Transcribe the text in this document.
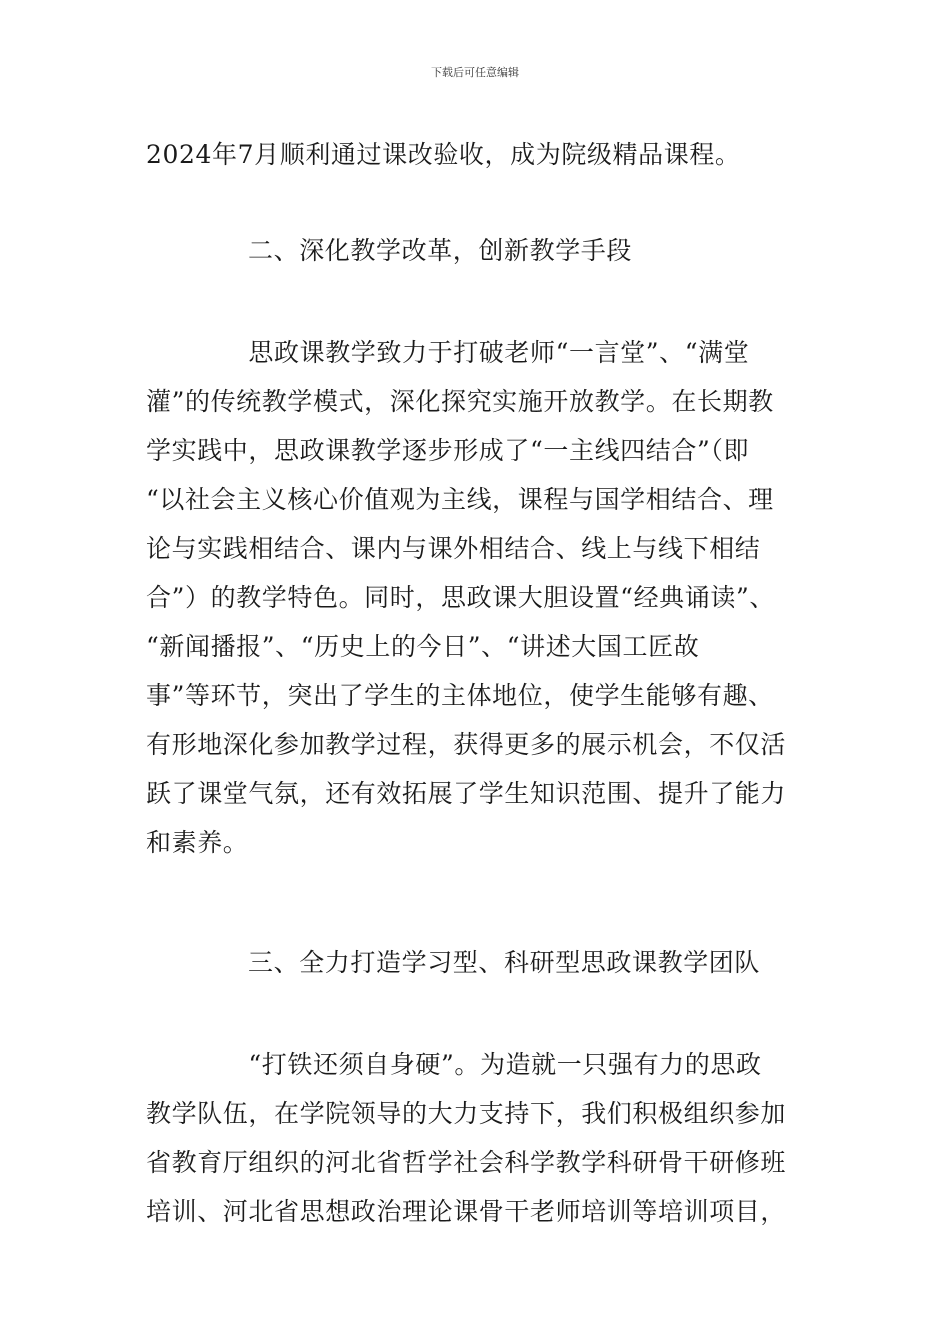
下载后可任意编辑
2024年7月顺利通过课改验收，成为院级精品课程。
二、深化教学改革，创新教学手段
　　　　思政课教学致力于打破老师“一言堂”、“满堂
灌”的传统教学模式，深化探究实施开放教学。在长期教
学实践中，思政课教学逐步形成了“一主线四结合”（即
“以社会主义核心价值观为主线，课程与国学相结合、理
论与实践相结合、课内与课外相结合、线上与线下相结
合”）的教学特色。同时，思政课大胆设置“经典诵读”、
“新闻播报”、“历史上的今日”、“讲述大国工匠故
事”等环节，突出了学生的主体地位，使学生能够有趣、
有形地深化参加教学过程，获得更多的展示机会，不仅活
跃了课堂气氛，还有效拓展了学生知识范围、提升了能力
和素养。
三、全力打造学习型、科研型思政课教学团队
　　　　“打铁还须自身硬”。为造就一只强有力的思政
教学队伍，在学院领导的大力支持下，我们积极组织参加
省教育厅组织的河北省哲学社会科学教学科研骨干研修班
培训、河北省思想政治理论课骨干老师培训等培训项目，
